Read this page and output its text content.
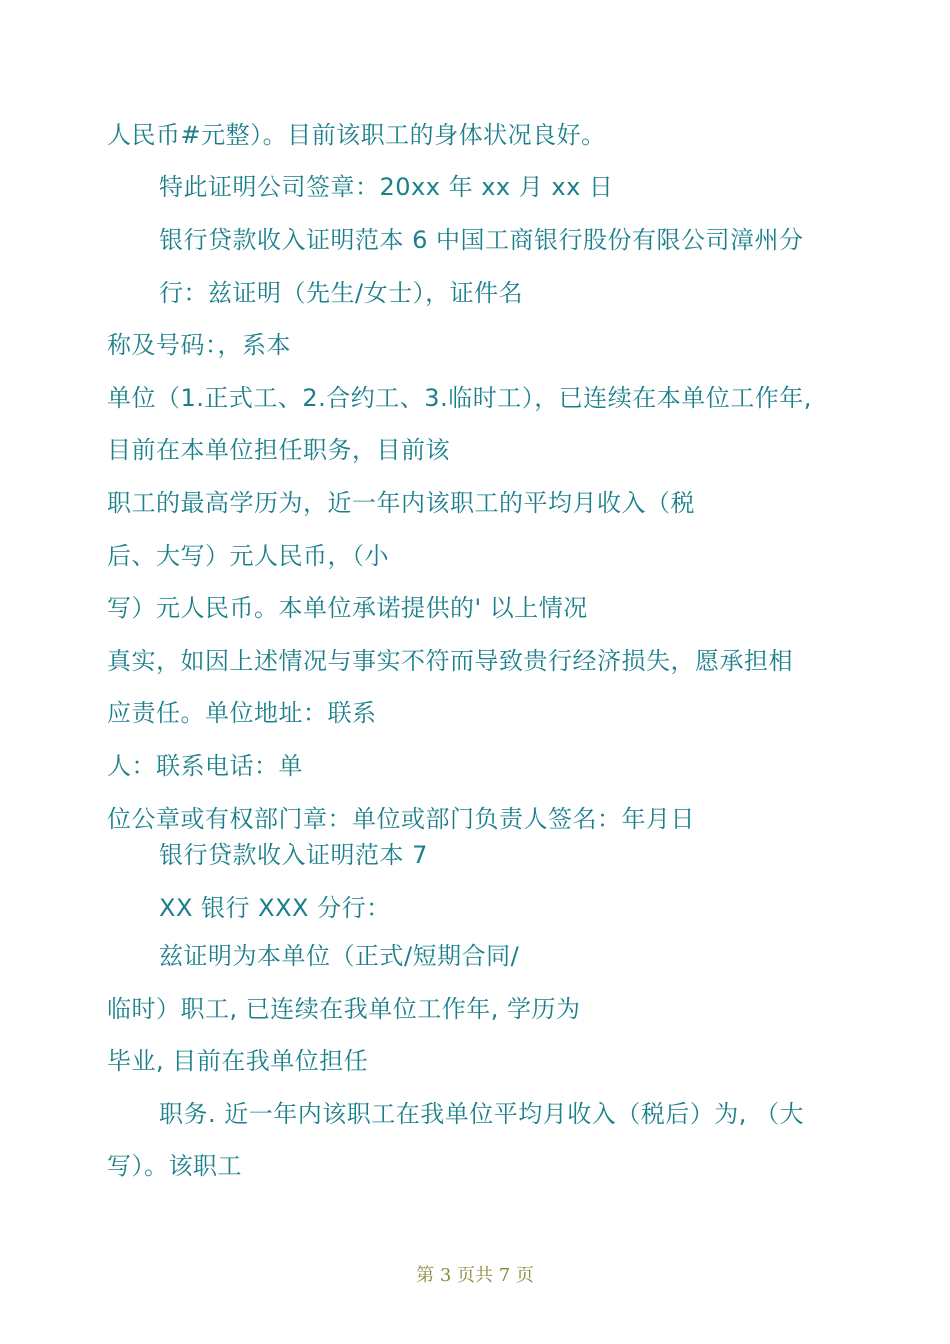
人民币#元整）。目前该职工的身体状况良好。
特此证明公司签章：20xx 年 xx 月 xx 日
银行贷款收入证明范本 6 中国工商银行股份有限公司漳州分
行：兹证明（先生/女士），证件名
称及号码：，系本
单位（1.正式工、2.合约工、3.临时工），已连续在本单位工作年,
目前在本单位担任职务，目前该
职工的最高学历为，近一年内该职工的平均月收入（税
后、大写）元人民币，（小
写）元人民币。本单位承诺提供的' 以上情况
真实，如因上述情况与事实不符而导致贵行经济损失，愿承担相
应责任。单位地址：联系
人：联系电话：单
位公章或有权部门章：单位或部门负责人签名：年月日
银行贷款收入证明范本 7
XX 银行 XXX 分行：
兹证明为本单位（正式/短期合同/
临时）职工, 已连续在我单位工作年, 学历为
毕业, 目前在我单位担任
职务. 近一年内该职工在我单位平均月收入（税后）为, （大
写）。该职工
第 3 页共 7 页
